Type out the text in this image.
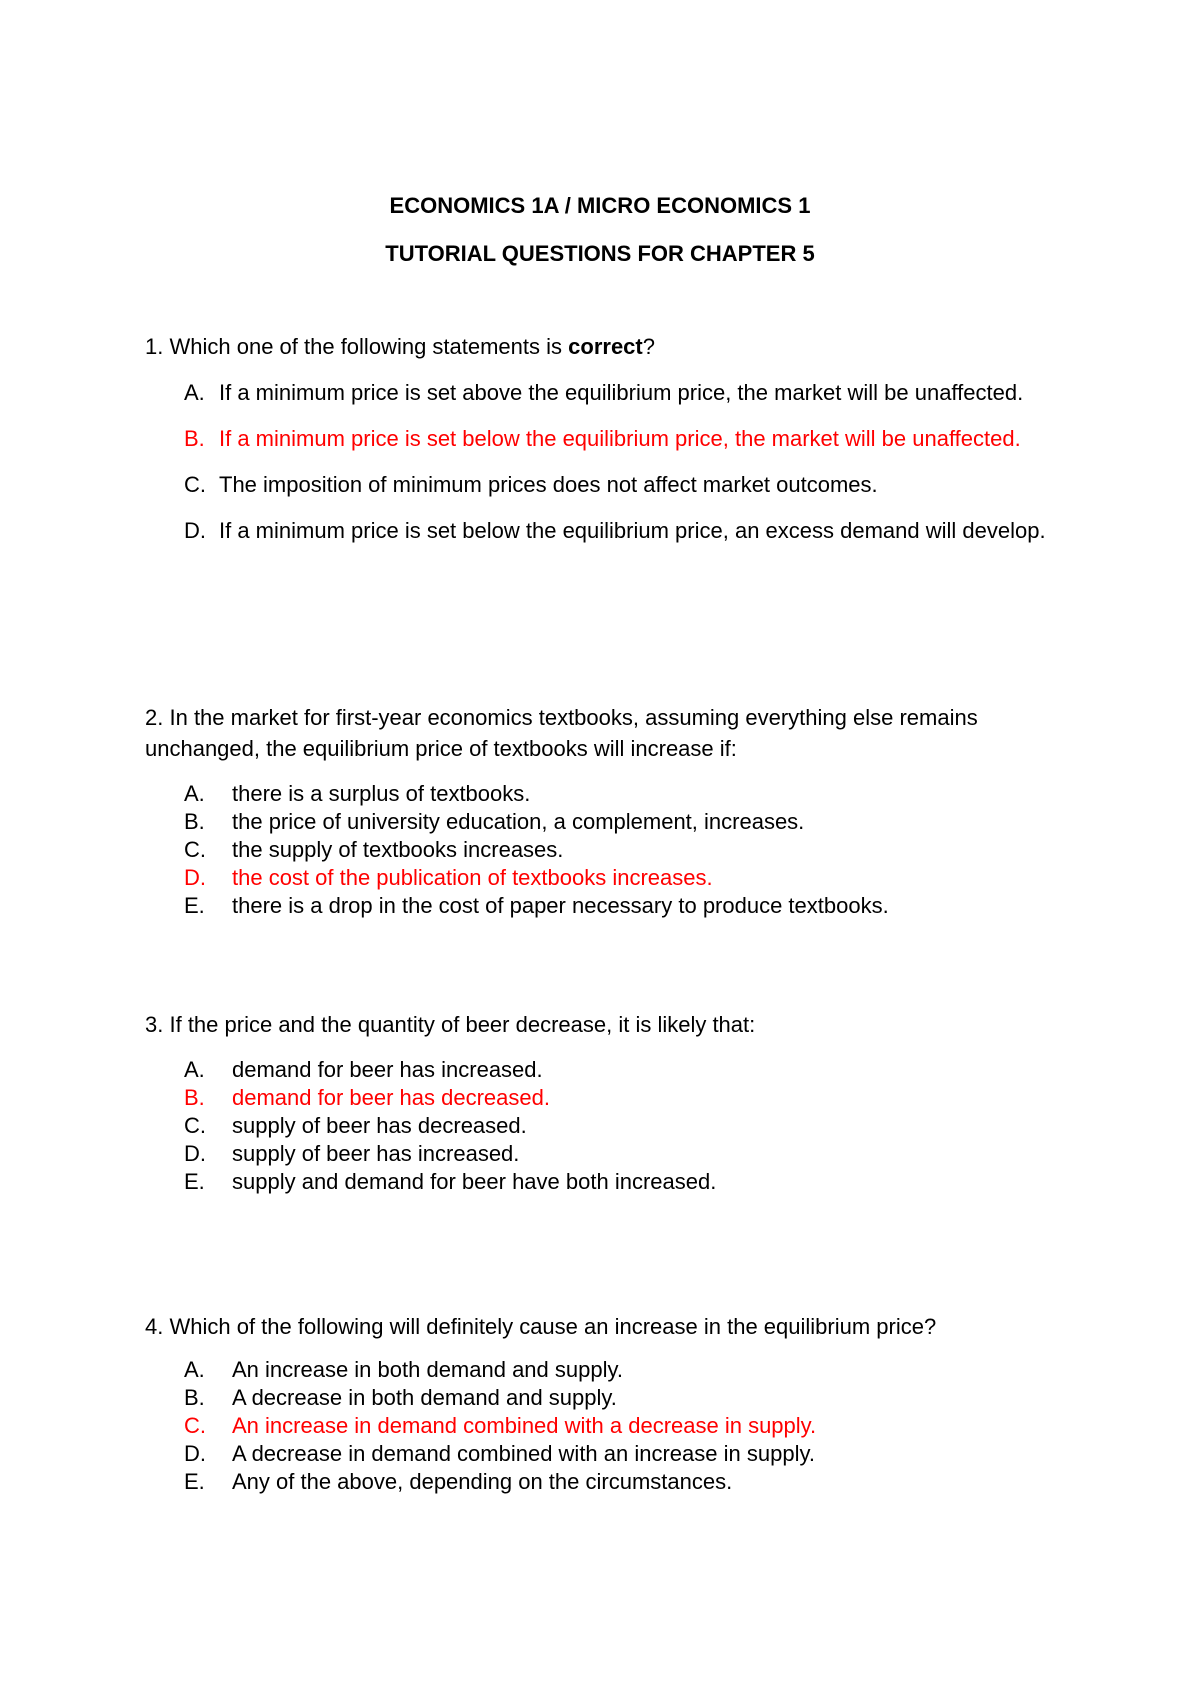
ECONOMICS 1A / MICRO ECONOMICS 1
TUTORIAL QUESTIONS FOR CHAPTER 5
1. Which one of the following statements is correct?
A. If a minimum price is set above the equilibrium price, the market will be unaffected.
B. If a minimum price is set below the equilibrium price, the market will be unaffected.
C. The imposition of minimum prices does not affect market outcomes.
D. If a minimum price is set below the equilibrium price, an excess demand will develop.
2. In the market for first-year economics textbooks, assuming everything else remains unchanged, the equilibrium price of textbooks will increase if:
A.	there is a surplus of textbooks.
B.	the price of university education, a complement, increases.
C.	the supply of textbooks increases.
D.	the cost of the publication of textbooks increases.
E.	there is a drop in the cost of paper necessary to produce textbooks.
3. If the price and the quantity of beer decrease, it is likely that:
A.	demand for beer has increased.
B.	demand for beer has decreased.
C.	supply of beer has decreased.
D.	supply of beer has increased.
E.	supply and demand for beer have both increased.
4. Which of the following will definitely cause an increase in the equilibrium price?
A.	An increase in both demand and supply.
B.	A decrease in both demand and supply.
C.	An increase in demand combined with a decrease in supply.
D.	A decrease in demand combined with an increase in supply.
E.	Any of the above, depending on the circumstances.
